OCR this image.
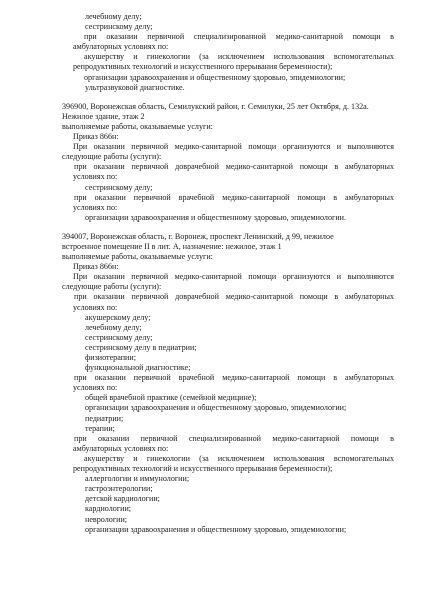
лечебному делу;
сестринскому делу;
при оказании первичной специализированной медико-санитарной помощи в
амбулаторных условиях по:
акушерству и гинекологии (за исключением использования вспомогательных
репродуктивных технологий и искусственного прерывания беременности);
организации здравоохранения и общественному здоровью, эпидемиологии;
ультразвуковой диагностике.
396900, Воронежская область, Семилукский район, г. Семилуки, 25 лет Октября, д. 132а.
Нежилое здание, этаж 2
выполняемые работы, оказываемые услуги:
Приказ 866н:
При оказании первичной медико-санитарной помощи организуются и выполняются
следующие работы (услуги):
при оказании первичной доврачебной медико-санитарной помощи в амбулаторных
условиях по:
сестринскому делу;
при оказании первичной врачебной медико-санитарной помощи в амбулаторных
условиях по:
организации здравоохранения и общественному здоровью, эпидемиологии.
394007, Воронежская область, г. Воронеж, проспект Ленинский, д 99, нежилое
встроенное помещение II в лит. А, назначение: нежилое, этаж 1
выполняемые работы, оказываемые услуги:
Приказ 866н:
При оказании первичной медико-санитарной помощи организуются и выполняются
следующие работы (услуги):
при оказании первичной доврачебной медико-санитарной помощи в амбулаторных
условиях по:
акушерскому делу;
лечебному делу;
сестринскому делу;
сестринскому делу в педиатрии;
физиотерапии;
функциональной диагностике;
при оказании первичной врачебной медико-санитарной помощи в амбулаторных
условиях по:
общей врачебной практике (семейной медицине);
организации здравоохранения и общественному здоровью, эпидемиологии;
педиатрии;
терапии;
при оказании первичной специализированной медико-санитарной помощи в
амбулаторных условиях по:
акушерству и гинекологии (за исключением использования вспомогательных
репродуктивных технологий и искусственного прерывания беременности);
аллергологии и иммунологии;
гастроэнтерологии;
детской кардиологии;
кардиологии;
неврологии;
организации здравоохранения и общественному здоровью, эпидемиологии;
